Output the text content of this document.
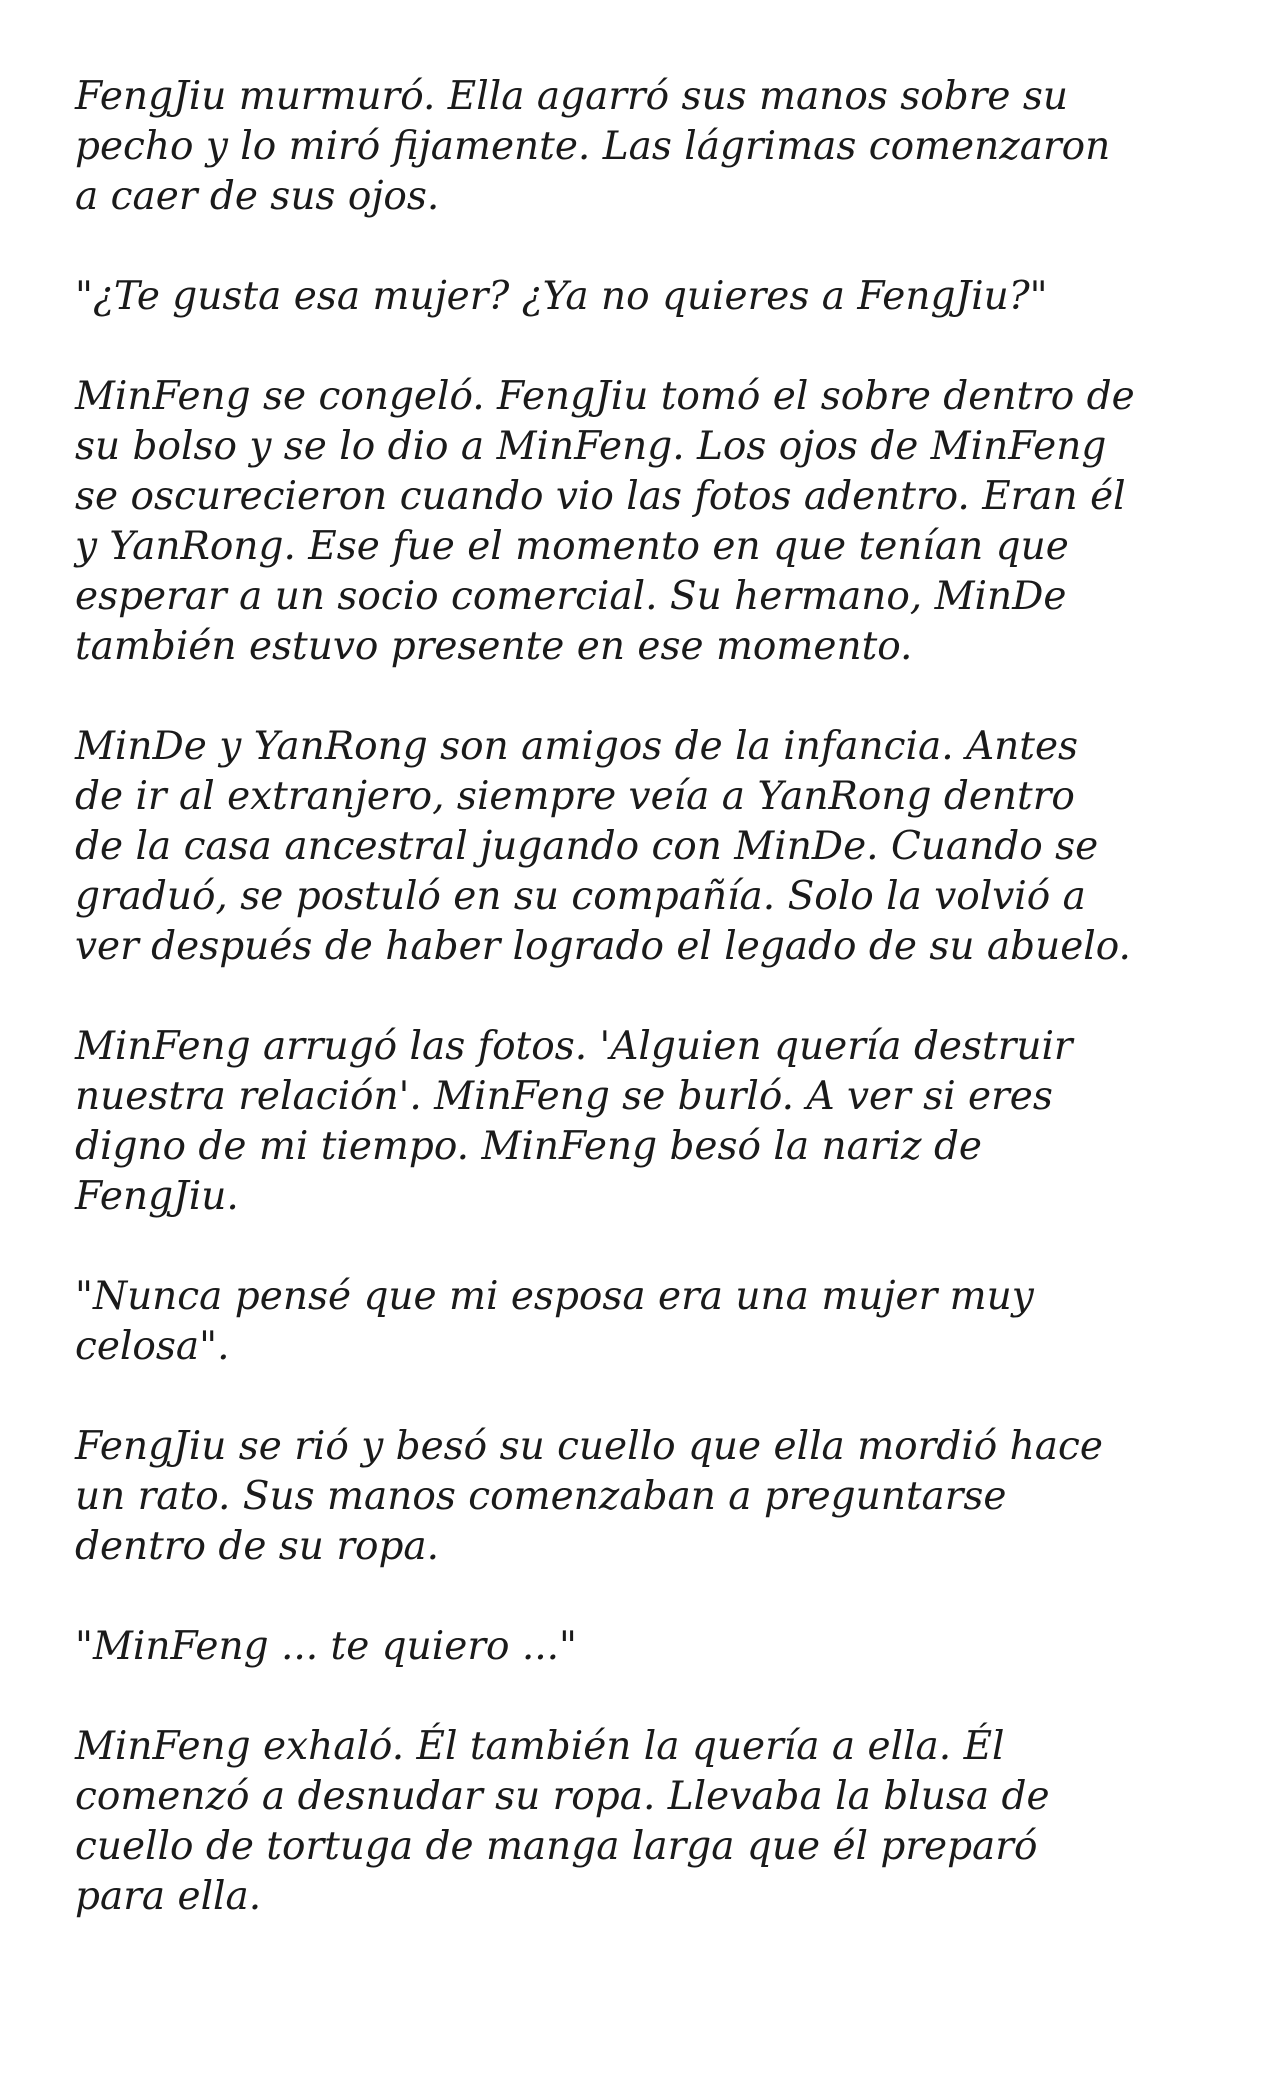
FengJiu murmuró. Ella agarró sus manos sobre su
pecho y lo miró fijamente. Las lágrimas comenzaron
a caer de sus ojos.

"¿Te gusta esa mujer? ¿Ya no quieres a FengJiu?"

MinFeng se congeló. FengJiu tomó el sobre dentro de
su bolso y se lo dio a MinFeng. Los ojos de MinFeng
se oscurecieron cuando vio las fotos adentro. Eran él
y YanRong. Ese fue el momento en que tenían que
esperar a un socio comercial. Su hermano, MinDe
también estuvo presente en ese momento.

MinDe y YanRong son amigos de la infancia. Antes
de ir al extranjero, siempre veía a YanRong dentro
de la casa ancestral jugando con MinDe. Cuando se
graduó, se postuló en su compañía. Solo la volvió a
ver después de haber logrado el legado de su abuelo.

MinFeng arrugó las fotos. 'Alguien quería destruir
nuestra relación'. MinFeng se burló. A ver si eres
digno de mi tiempo. MinFeng besó la nariz de
FengJiu.

"Nunca pensé que mi esposa era una mujer muy
celosa".

FengJiu se rió y besó su cuello que ella mordió hace
un rato. Sus manos comenzaban a preguntarse
dentro de su ropa.

"MinFeng ... te quiero ..."

MinFeng exhaló. Él también la quería a ella. Él
comenzó a desnudar su ropa. Llevaba la blusa de
cuello de tortuga de manga larga que él preparó
para ella.
